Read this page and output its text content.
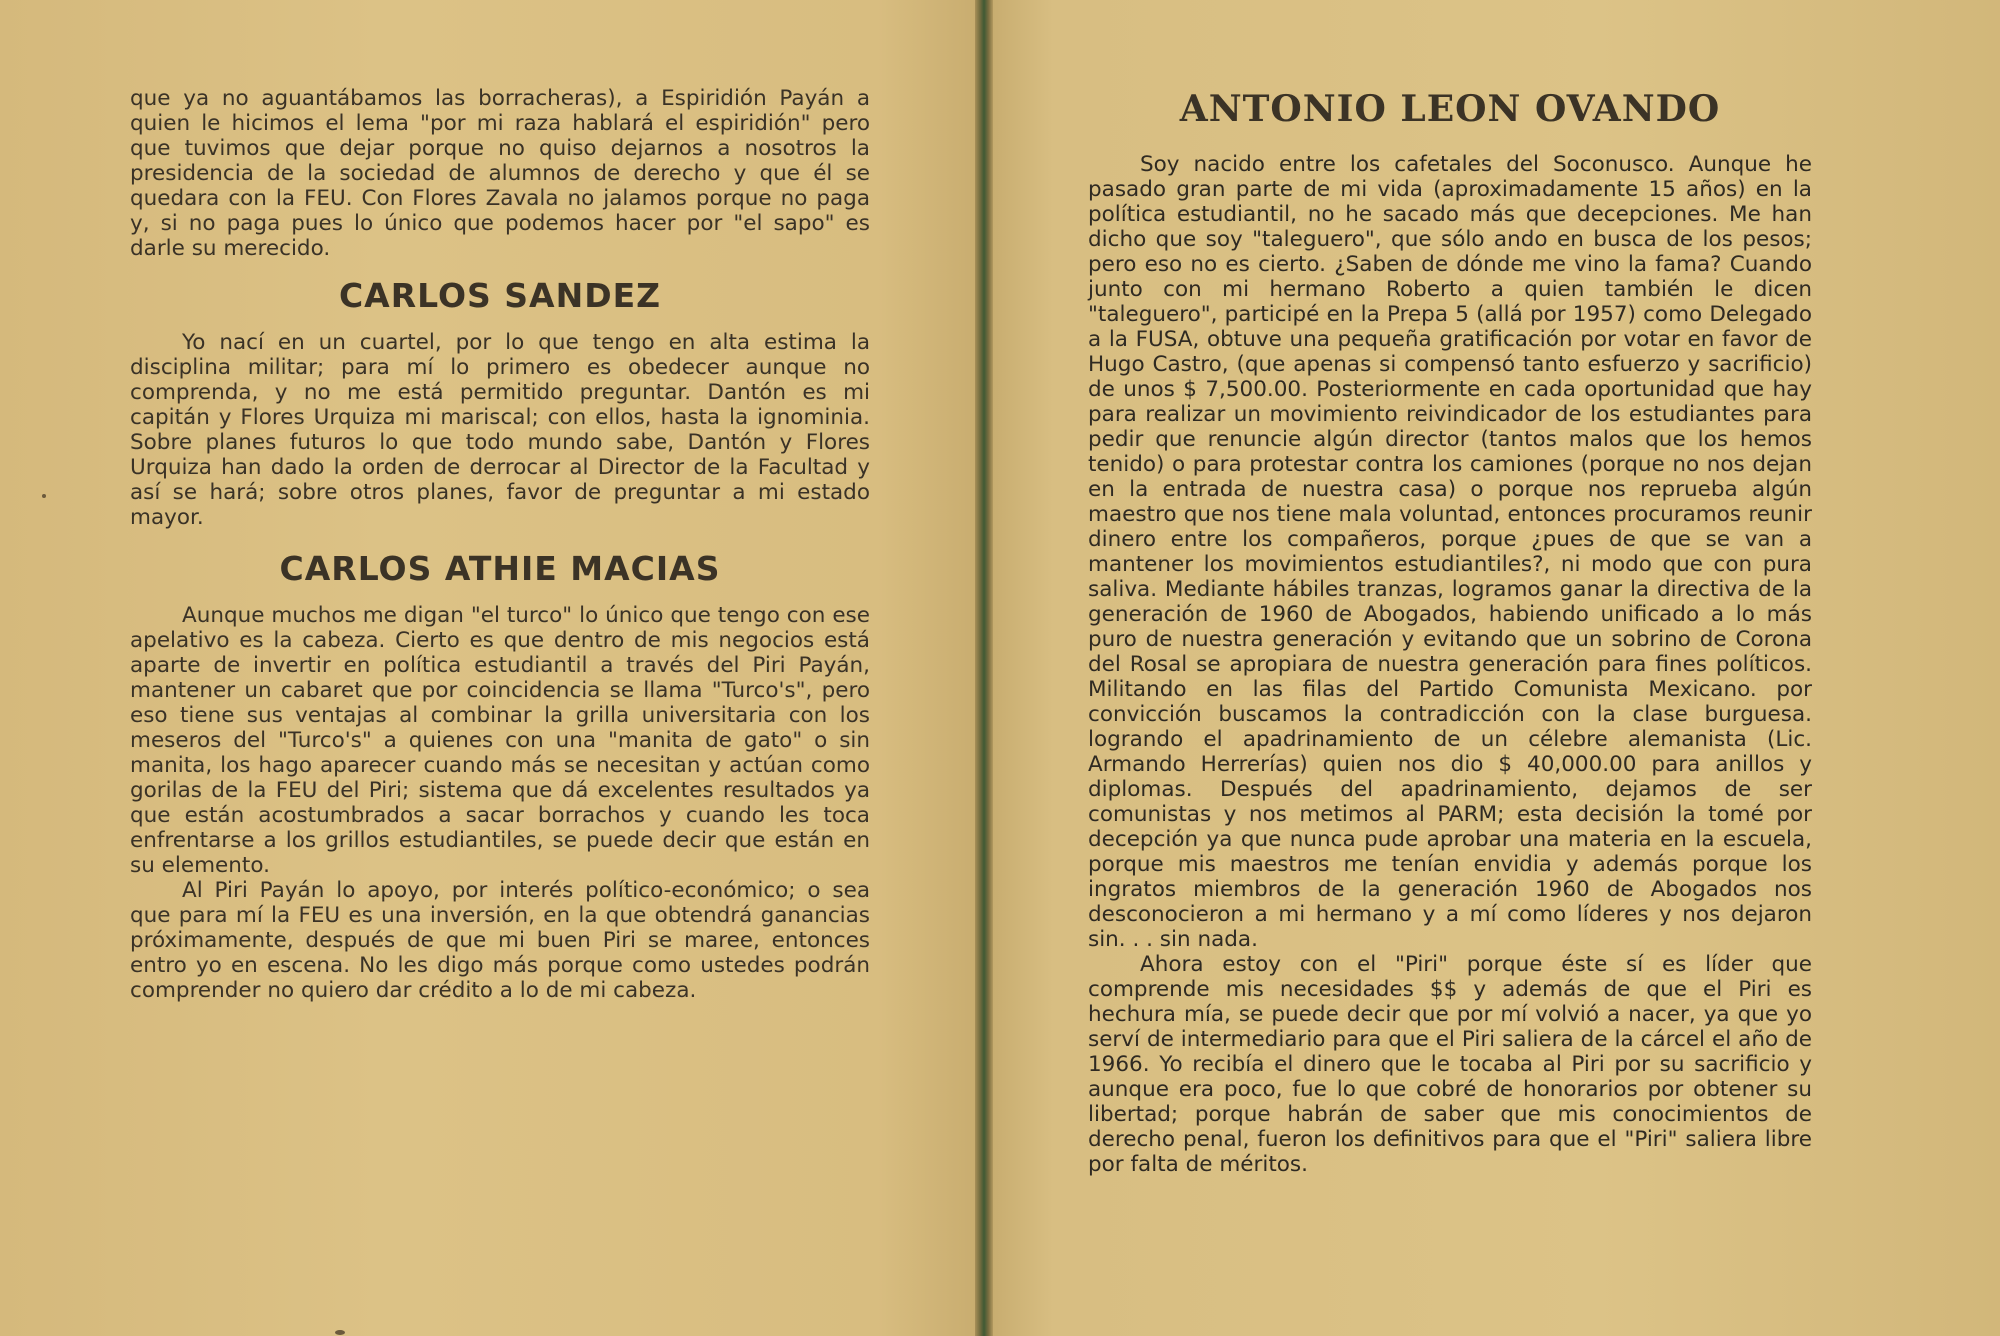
que ya no aguantábamos las borracheras), a Espiridión Payán a quien le hicimos el lema "por mi raza hablará el espiridión" pero que tuvimos que dejar porque no quiso dejarnos a nosotros la presidencia de la sociedad de alumnos de derecho y que él se quedara con la FEU. Con Flores Zavala no jalamos porque no paga y, si no paga pues lo único que podemos hacer por "el sapo" es darle su merecido.

CARLOS SANDEZ

Yo nací en un cuartel, por lo que tengo en alta estima la disciplina militar; para mí lo primero es obedecer aunque no comprenda, y no me está permitido preguntar. Dantón es mi capitán y Flores Urquiza mi mariscal; con ellos, hasta la ignominia. Sobre planes futuros lo que todo mundo sabe, Dantón y Flores Urquiza han dado la orden de derrocar al Director de la Facultad y así se hará; sobre otros planes, favor de preguntar a mi estado mayor.

CARLOS ATHIE MACIAS

Aunque muchos me digan "el turco" lo único que tengo con ese apelativo es la cabeza. Cierto es que dentro de mis negocios está aparte de invertir en política estudiantil a través del Piri Payán, mantener un cabaret que por coincidencia se llama "Turco's", pero eso tiene sus ventajas al combinar la grilla universitaria con los meseros del "Turco's" a quienes con una "manita de gato" o sin manita, los hago aparecer cuando más se necesitan y actúan como gorilas de la FEU del Piri; sistema que dá excelentes resultados ya que están acostumbrados a sacar borrachos y cuando les toca enfrentarse a los grillos estudiantiles, se puede decir que están en su elemento.

Al Piri Payán lo apoyo, por interés político-económico; o sea que para mí la FEU es una inversión, en la que obtendrá ganancias próximamente, después de que mi buen Piri se maree, entonces entro yo en escena. No les digo más porque como ustedes podrán comprender no quiero dar crédito a lo de mi cabeza.

ANTONIO LEON OVANDO

Soy nacido entre los cafetales del Soconusco. Aunque he pasado gran parte de mi vida (aproximadamente 15 años) en la política estudiantil, no he sacado más que decepciones. Me han dicho que soy "taleguero", que sólo ando en busca de los pesos; pero eso no es cierto. ¿Saben de dónde me vino la fama? Cuando junto con mi hermano Roberto a quien también le dicen "taleguero", participé en la Prepa 5 (allá por 1957) como Delegado a la FUSA, obtuve una pequeña gratificación por votar en favor de Hugo Castro, (que apenas si compensó tanto esfuerzo y sacrificio) de unos $ 7,500.00. Posteriormente en cada oportunidad que hay para realizar un movimiento reivindicador de los estudiantes para pedir que renuncie algún director (tantos malos que los hemos tenido) o para protestar contra los camiones (porque no nos dejan en la entrada de nuestra casa) o porque nos reprueba algún maestro que nos tiene mala voluntad, entonces procuramos reunir dinero entre los compañeros, porque ¿pues de que se van a mantener los movimientos estudiantiles?, ni modo que con pura saliva. Mediante hábiles tranzas, logramos ganar la directiva de la generación de 1960 de Abogados, habiendo unificado a lo más puro de nuestra generación y evitando que un sobrino de Corona del Rosal se apropiara de nuestra generación para fines políticos. Militando en las filas del Partido Comunista Mexicano. por convicción buscamos la contradicción con la clase burguesa. logrando el apadrinamiento de un célebre alemanista (Lic. Armando Herrerías) quien nos dio $ 40,000.00 para anillos y diplomas. Después del apadrinamiento, dejamos de ser comunistas y nos metimos al PARM; esta decisión la tomé por decepción ya que nunca pude aprobar una materia en la escuela, porque mis maestros me tenían envidia y además porque los ingratos miembros de la generación 1960 de Abogados nos desconocieron a mi hermano y a mí como líderes y nos dejaron sin. . . sin nada.

Ahora estoy con el "Piri" porque éste sí es líder que comprende mis necesidades $$ y además de que el Piri es hechura mía, se puede decir que por mí volvió a nacer, ya que yo serví de intermediario para que el Piri saliera de la cárcel el año de 1966. Yo recibía el dinero que le tocaba al Piri por su sacrificio y aunque era poco, fue lo que cobré de honorarios por obtener su libertad; porque habrán de saber que mis conocimientos de derecho penal, fueron los definitivos para que el "Piri" saliera libre por falta de méritos.
